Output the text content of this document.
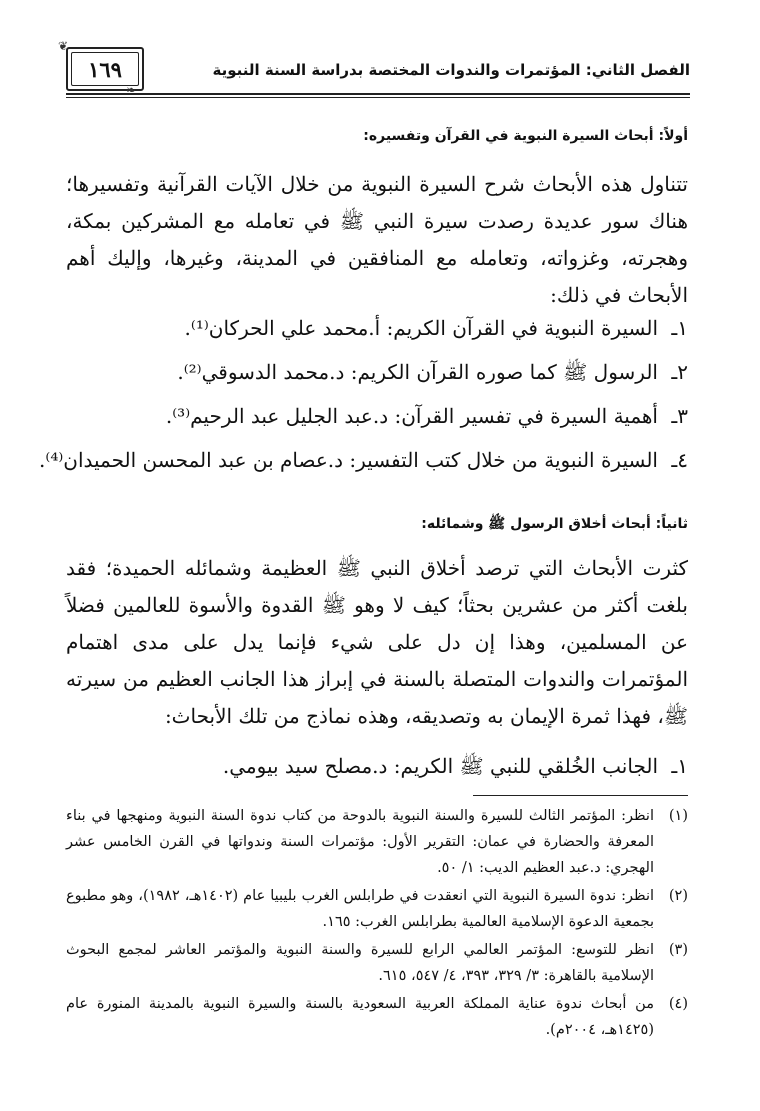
الفصل الثاني: المؤتمرات والندوات المختصة بدراسة السنة النبوية
❦
١٦٩
❧
أولاً: أبحاث السيرة النبوية في القرآن وتفسيره:

تتناول هذه الأبحاث شرح السيرة النبوية من خلال الآيات القرآنية وتفسيرها؛ هناك سور عديدة رصدت سيرة النبي ﷺ في تعامله مع المشركين بمكة، وهجرته، وغزواته، وتعامله مع المنافقين في المدينة، وغيرها، وإليك أهم الأبحاث في ذلك:

١ـالسيرة النبوية في القرآن الكريم: أ.محمد علي الحركان⁽¹⁾.
٢ـالرسول ﷺ كما صوره القرآن الكريم: د.محمد الدسوقي⁽²⁾.
٣ـأهمية السيرة في تفسير القرآن: د.عبد الجليل عبد الرحيم⁽³⁾.
٤ـالسيرة النبوية من خلال كتب التفسير: د.عصام بن عبد المحسن الحميدان⁽⁴⁾.
ثانياً: أبحاث أخلاق الرسول ﷺ وشمائله:

كثرت الأبحاث التي ترصد أخلاق النبي ﷺ العظيمة وشمائله الحميدة؛ فقد بلغت أكثر من عشرين بحثاً؛ كيف لا وهو ﷺ القدوة والأسوة للعالمين فضلاً عن المسلمين، وهذا إن دل على شيء فإنما يدل على مدى اهتمام المؤتمرات والندوات المتصلة بالسنة في إبراز هذا الجانب العظيم من سيرته ﷺ، فهذا ثمرة الإيمان به وتصديقه، وهذه نماذج من تلك الأبحاث:

١ـالجانب الخُلقي للنبي ﷺ الكريم: د.مصلح سيد بيومي.
(١)
انظر: المؤتمر الثالث للسيرة والسنة النبوية بالدوحة من كتاب ندوة السنة النبوية ومنهجها في بناء المعرفة والحضارة في عمان: التقرير الأول: مؤتمرات السنة وندواتها في القرن الخامس عشر الهجري: د.عبد العظيم الديب: ١/ ٥٠.
(٢)
انظر: ندوة السيرة النبوية التي انعقدت في طرابلس الغرب بليبيا عام (١٤٠٢هـ، ١٩٨٢)، وهو مطبوع بجمعية الدعوة الإسلامية العالمية بطرابلس الغرب: ١٦٥.
(٣)
انظر للتوسع: المؤتمر العالمي الرابع للسيرة والسنة النبوية والمؤتمر العاشر لمجمع البحوث الإسلامية بالقاهرة: ٣/ ٣٢٩، ٣٩٣، ٤/ ٥٤٧، ٦١٥.
(٤)
من أبحاث ندوة عناية المملكة العربية السعودية بالسنة والسيرة النبوية بالمدينة المنورة عام (١٤٢٥هـ، ٢٠٠٤م).
